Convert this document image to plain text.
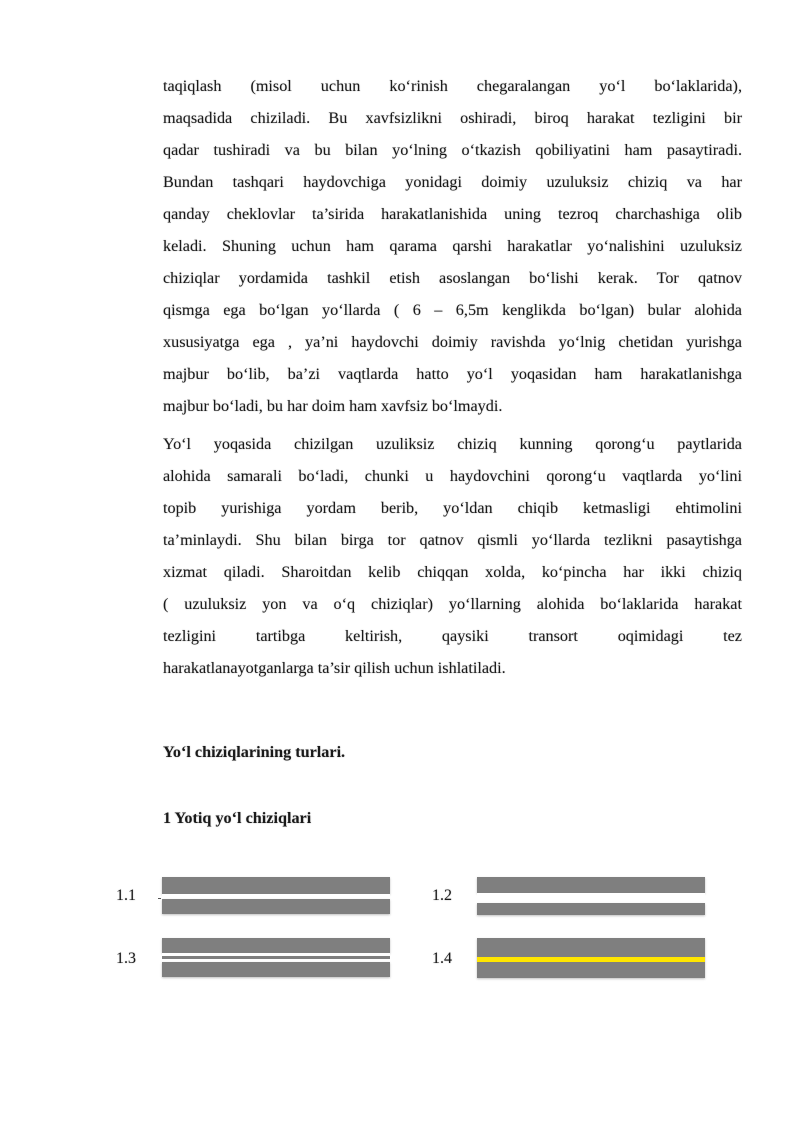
taqiqlash (misol uchun ko‘rinish chegaralangan yo‘l bo‘laklarida),
maqsadida chiziladi. Bu xavfsizlikni oshiradi, biroq harakat tezligini bir
qadar tushiradi va bu bilan yo‘lning o‘tkazish qobiliyatini ham pasaytiradi.
Bundan tashqari haydovchiga yonidagi doimiy uzuluksiz chiziq va har
qanday cheklovlar ta’sirida harakatlanishida uning tezroq charchashiga olib
keladi. Shuning uchun ham qarama qarshi harakatlar yo‘nalishini uzuluksiz
chiziqlar yordamida tashkil etish asoslangan bo‘lishi kerak. Tor qatnov
qismga ega bo‘lgan yo‘llarda ( 6 – 6,5m kenglikda bo‘lgan) bular alohida
xususiyatga ega , ya’ni haydovchi doimiy ravishda yo‘lnig chetidan yurishga
majbur bo‘lib, ba’zi vaqtlarda hatto yo‘l yoqasidan ham harakatlanishga
majbur bo‘ladi, bu har doim ham xavfsiz bo‘lmaydi.
Yo‘l yoqasida chizilgan uzuliksiz chiziq kunning qorong‘u paytlarida
alohida samarali bo‘ladi, chunki u haydovchini qorong‘u vaqtlarda yo‘lini
topib yurishiga yordam berib, yo‘ldan chiqib ketmasligi ehtimolini
ta’minlaydi. Shu bilan birga tor qatnov qismli yo‘llarda tezlikni pasaytishga
xizmat qiladi. Sharoitdan kelib chiqqan xolda, ko‘pincha har ikki chiziq
( uzuluksiz yon va o‘q chiziqlar) yo‘llarning alohida bo‘laklarida harakat
tezligini tartibga keltirish, qaysiki transort oqimidagi tez
harakatlanayotganlarga ta’sir qilish uchun ishlatiladi.
Yo‘l chiziqlarining turlari.
1 Yotiq yo‘l chiziqlari
1.1	1.2
1.3	1.4
